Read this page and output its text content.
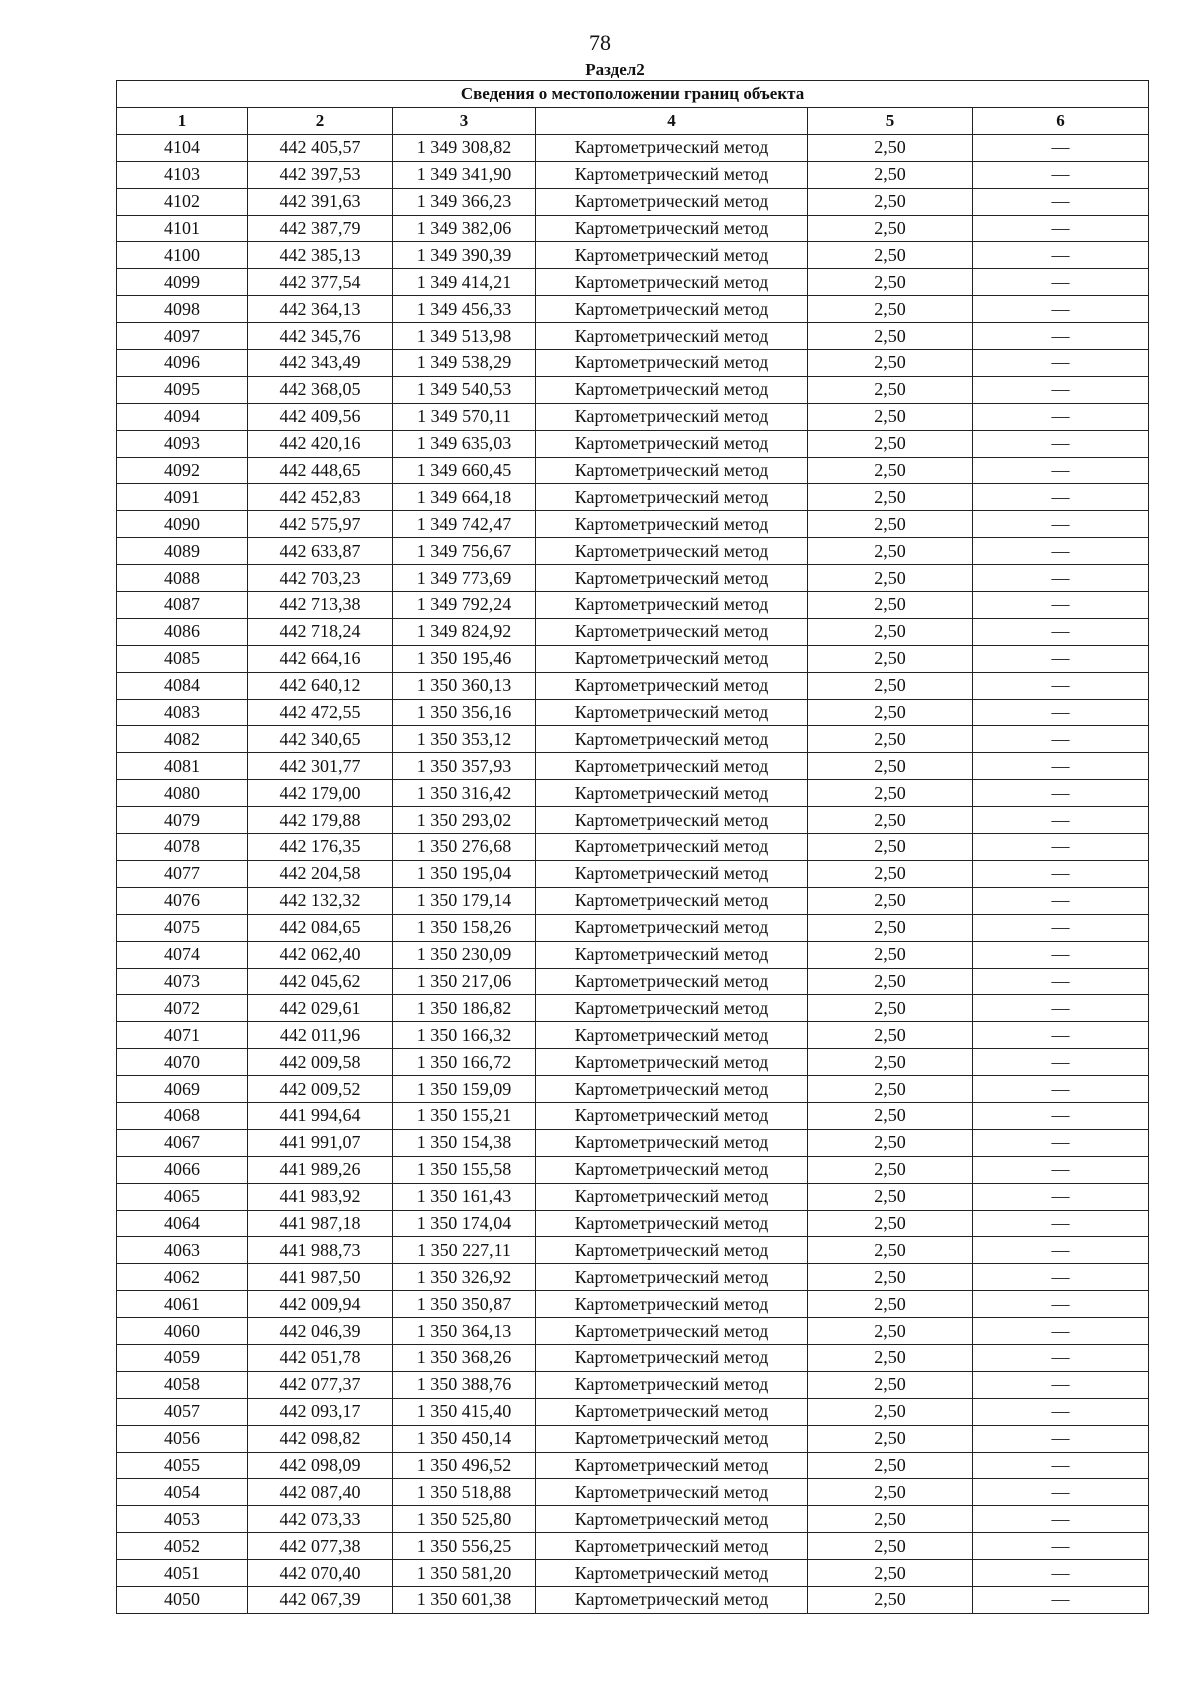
78
Раздел2
Сведения о местоположении границ объекта					
1	2	3	4	5	6
4104	442 405,57	1 349 308,82	Картометрический метод	2,50	—
4103	442 397,53	1 349 341,90	Картометрический метод	2,50	—
4102	442 391,63	1 349 366,23	Картометрический метод	2,50	—
4101	442 387,79	1 349 382,06	Картометрический метод	2,50	—
4100	442 385,13	1 349 390,39	Картометрический метод	2,50	—
4099	442 377,54	1 349 414,21	Картометрический метод	2,50	—
4098	442 364,13	1 349 456,33	Картометрический метод	2,50	—
4097	442 345,76	1 349 513,98	Картометрический метод	2,50	—
4096	442 343,49	1 349 538,29	Картометрический метод	2,50	—
4095	442 368,05	1 349 540,53	Картометрический метод	2,50	—
4094	442 409,56	1 349 570,11	Картометрический метод	2,50	—
4093	442 420,16	1 349 635,03	Картометрический метод	2,50	—
4092	442 448,65	1 349 660,45	Картометрический метод	2,50	—
4091	442 452,83	1 349 664,18	Картометрический метод	2,50	—
4090	442 575,97	1 349 742,47	Картометрический метод	2,50	—
4089	442 633,87	1 349 756,67	Картометрический метод	2,50	—
4088	442 703,23	1 349 773,69	Картометрический метод	2,50	—
4087	442 713,38	1 349 792,24	Картометрический метод	2,50	—
4086	442 718,24	1 349 824,92	Картометрический метод	2,50	—
4085	442 664,16	1 350 195,46	Картометрический метод	2,50	—
4084	442 640,12	1 350 360,13	Картометрический метод	2,50	—
4083	442 472,55	1 350 356,16	Картометрический метод	2,50	—
4082	442 340,65	1 350 353,12	Картометрический метод	2,50	—
4081	442 301,77	1 350 357,93	Картометрический метод	2,50	—
4080	442 179,00	1 350 316,42	Картометрический метод	2,50	—
4079	442 179,88	1 350 293,02	Картометрический метод	2,50	—
4078	442 176,35	1 350 276,68	Картометрический метод	2,50	—
4077	442 204,58	1 350 195,04	Картометрический метод	2,50	—
4076	442 132,32	1 350 179,14	Картометрический метод	2,50	—
4075	442 084,65	1 350 158,26	Картометрический метод	2,50	—
4074	442 062,40	1 350 230,09	Картометрический метод	2,50	—
4073	442 045,62	1 350 217,06	Картометрический метод	2,50	—
4072	442 029,61	1 350 186,82	Картометрический метод	2,50	—
4071	442 011,96	1 350 166,32	Картометрический метод	2,50	—
4070	442 009,58	1 350 166,72	Картометрический метод	2,50	—
4069	442 009,52	1 350 159,09	Картометрический метод	2,50	—
4068	441 994,64	1 350 155,21	Картометрический метод	2,50	—
4067	441 991,07	1 350 154,38	Картометрический метод	2,50	—
4066	441 989,26	1 350 155,58	Картометрический метод	2,50	—
4065	441 983,92	1 350 161,43	Картометрический метод	2,50	—
4064	441 987,18	1 350 174,04	Картометрический метод	2,50	—
4063	441 988,73	1 350 227,11	Картометрический метод	2,50	—
4062	441 987,50	1 350 326,92	Картометрический метод	2,50	—
4061	442 009,94	1 350 350,87	Картометрический метод	2,50	—
4060	442 046,39	1 350 364,13	Картометрический метод	2,50	—
4059	442 051,78	1 350 368,26	Картометрический метод	2,50	—
4058	442 077,37	1 350 388,76	Картометрический метод	2,50	—
4057	442 093,17	1 350 415,40	Картометрический метод	2,50	—
4056	442 098,82	1 350 450,14	Картометрический метод	2,50	—
4055	442 098,09	1 350 496,52	Картометрический метод	2,50	—
4054	442 087,40	1 350 518,88	Картометрический метод	2,50	—
4053	442 073,33	1 350 525,80	Картометрический метод	2,50	—
4052	442 077,38	1 350 556,25	Картометрический метод	2,50	—
4051	442 070,40	1 350 581,20	Картометрический метод	2,50	—
4050	442 067,39	1 350 601,38	Картометрический метод	2,50	—
